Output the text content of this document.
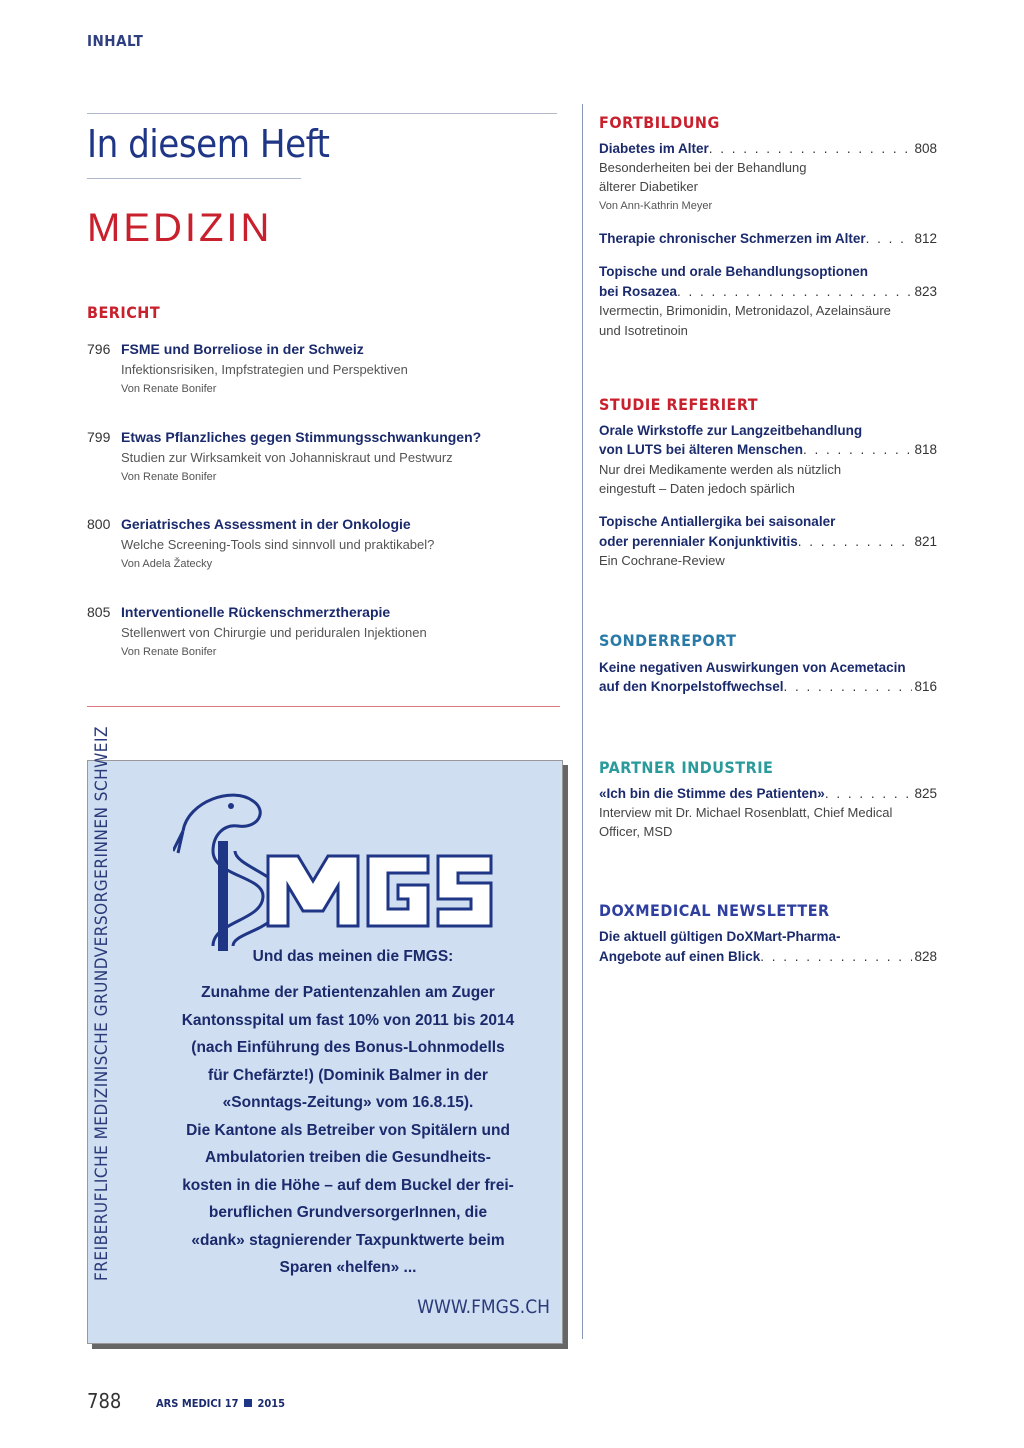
INHALT
In diesem Heft
MEDIZIN
BERICHT
796 FSME und Borreliose in der Schweiz
Infektionsrisiken, Impfstrategien und Perspektiven
Von Renate Bonifer
799 Etwas Pflanzliches gegen Stimmungsschwankungen?
Studien zur Wirksamkeit von Johanniskraut und Pestwurz
Von Renate Bonifer
800 Geriatrisches Assessment in der Onkologie
Welche Screening-Tools sind sinnvoll und praktikabel?
Von Adela Žatecky
805 Interventionelle Rückenschmerztherapie
Stellenwert von Chirurgie und periduralen Injektionen
Von Renate Bonifer
FORTBILDUNG
Diabetes im Alter . . .	808
Besonderheiten bei der Behandlung
älterer Diabetiker
Von Ann-Kathrin Meyer
Therapie chronischer Schmerzen im Alter . . .	812
Topische und orale Behandlungsoptionen
bei Rosazea . . .	823
Ivermectin, Brimonidin, Metronidazol, Azelainsäure
und Isotretinoin
STUDIE REFERIERT
Orale Wirkstoffe zur Langzeitbehandlung
von LUTS bei älteren Menschen . . .	818
Nur drei Medikamente werden als nützlich
eingestuft – Daten jedoch spärlich
Topische Antiallergika bei saisonaler
oder perennialer Konjunktivitis . . .	821
Ein Cochrane-Review
SONDERREPORT
Keine negativen Auswirkungen von Acemetacin
auf den Knorpelstoffwechsel . . .	816
PARTNER INDUSTRIE
«Ich bin die Stimme des Patienten» . . .	825
Interview mit Dr. Michael Rosenblatt, Chief Medical
Officer, MSD
DOXMEDICAL NEWSLETTER
Die aktuell gültigen DoXMart-Pharma-
Angebote auf einen Blick . . .	828
FREIBERUFLICHE MEDIZINISCHE GRUNDVERSORGERINNEN SCHWEIZ	Und das meinen die FMGS:
Zunahme der Patientenzahlen am Zuger
Kantonsspital um fast 10% von 2011 bis 2014
(nach Einführung des Bonus-Lohnmodells
für Chefärzte!) (Dominik Balmer in der
«Sonntags-Zeitung» vom 16.8.15).
Die Kantone als Betreiber von Spitälern und
Ambulatorien treiben die Gesundheits-
kosten in die Höhe – auf dem Buckel der frei-
beruflichen GrundversorgerInnen, die
«dank» stagnierender Taxpunktwerte beim
Sparen «helfen» ...
WWW.FMGS.CH
788	ARS MEDICI 17 2015
